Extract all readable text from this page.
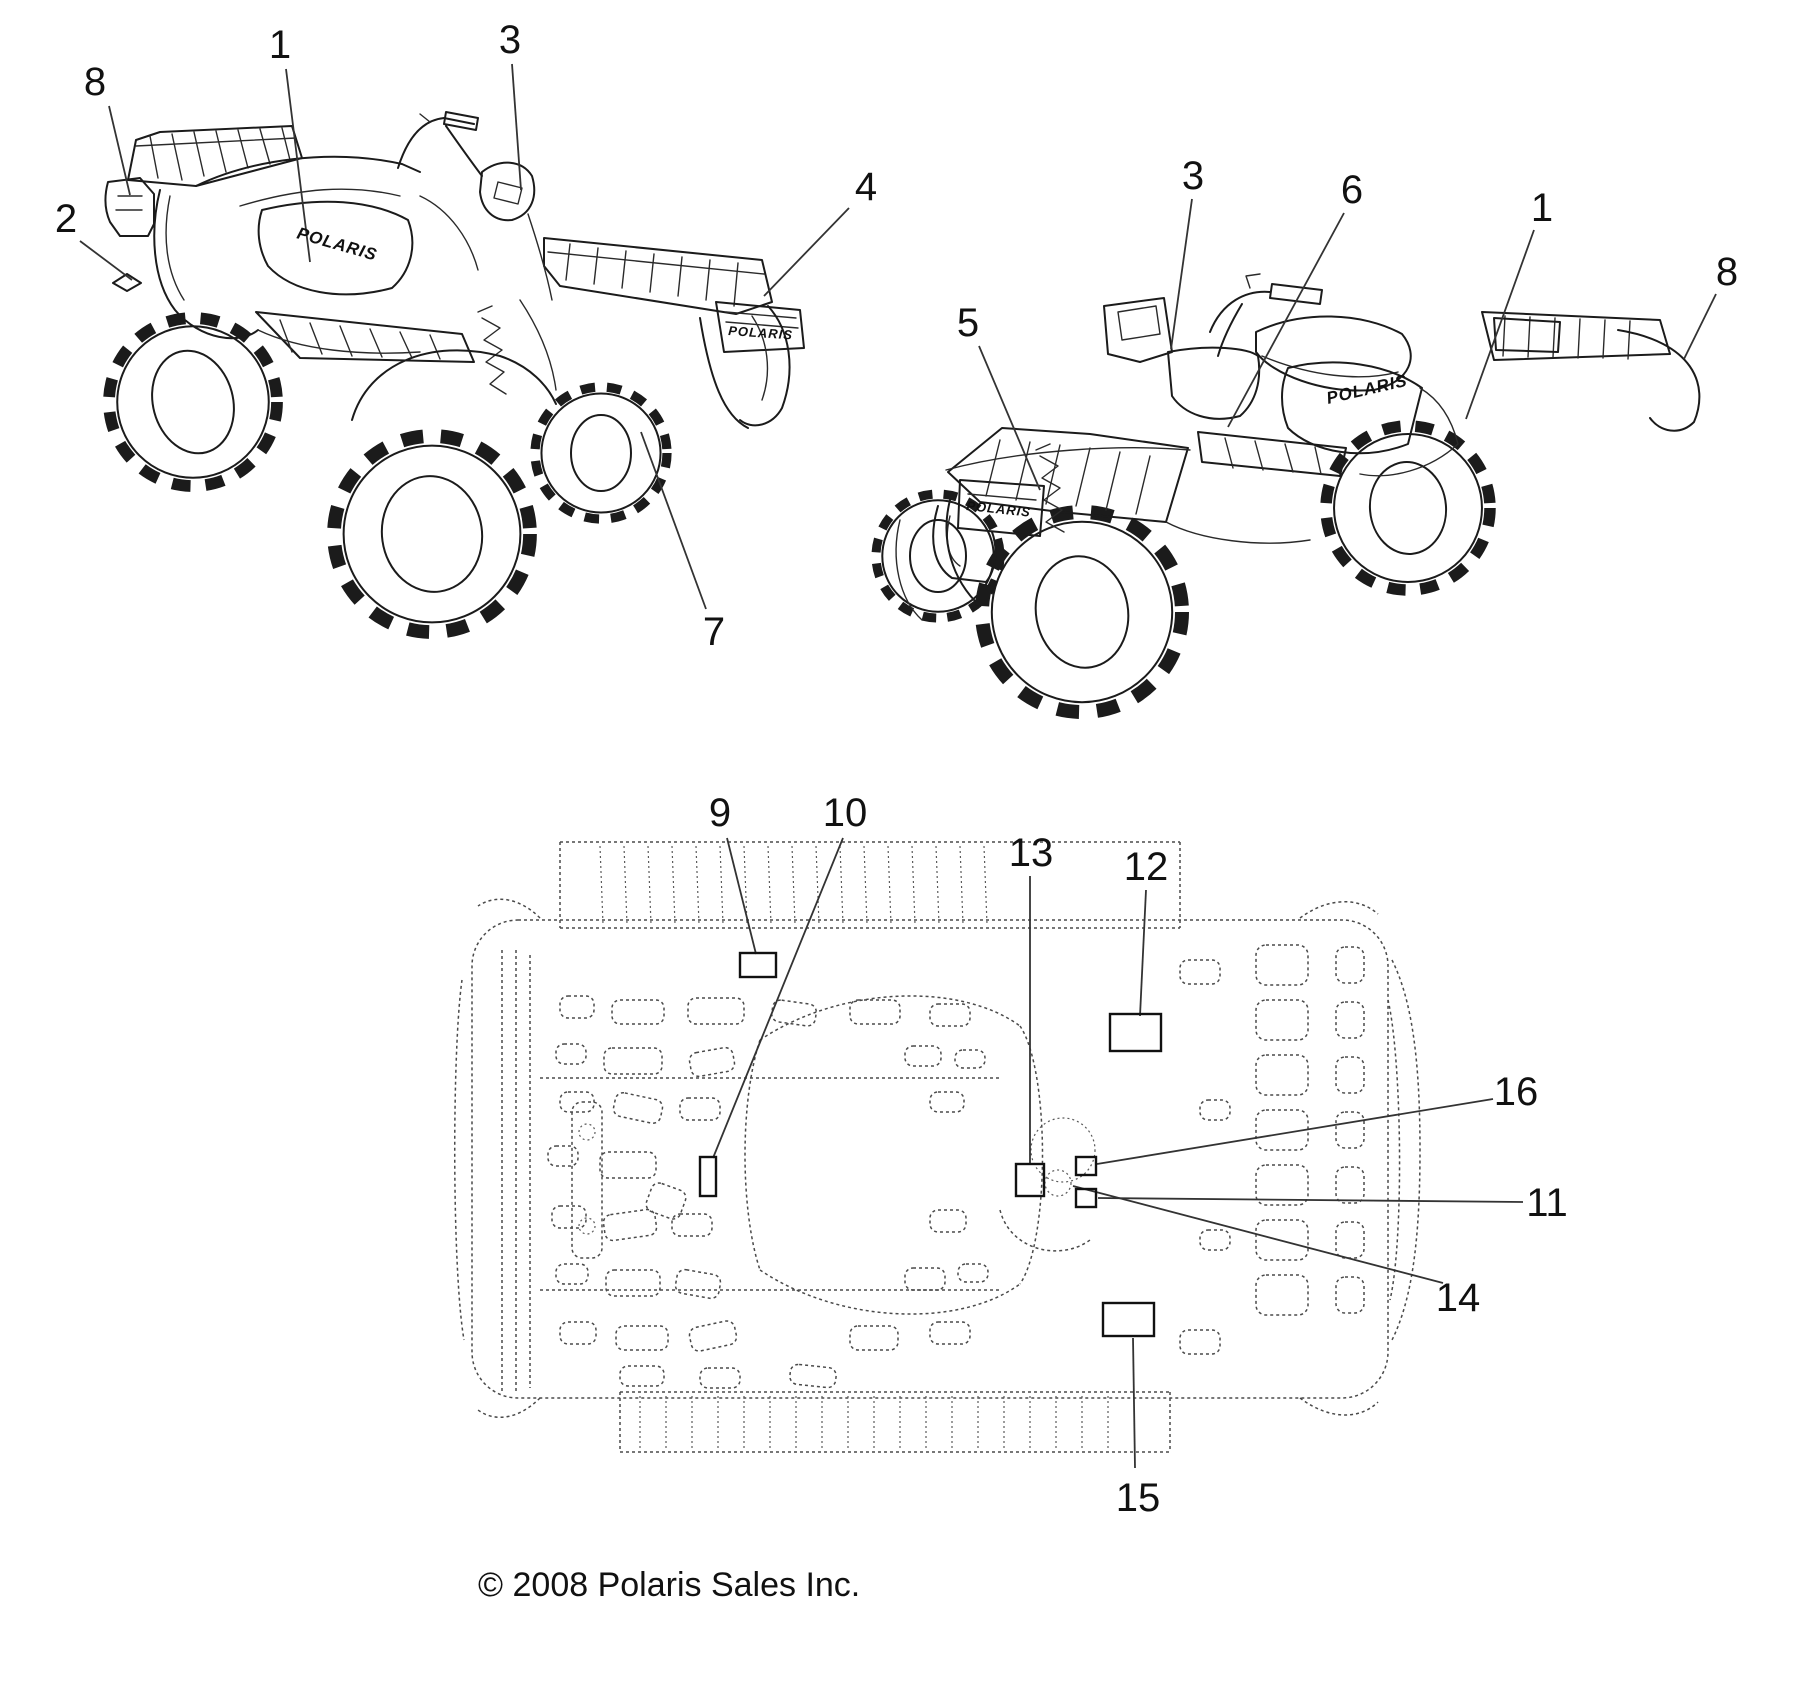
8
1	3
2
4
7
5
3	6	1
8
9 10
13 12
16
11
14
15
POLARIS
POLARIS
POLARIS
POLARIS
© 2008 Polaris Sales Inc.
